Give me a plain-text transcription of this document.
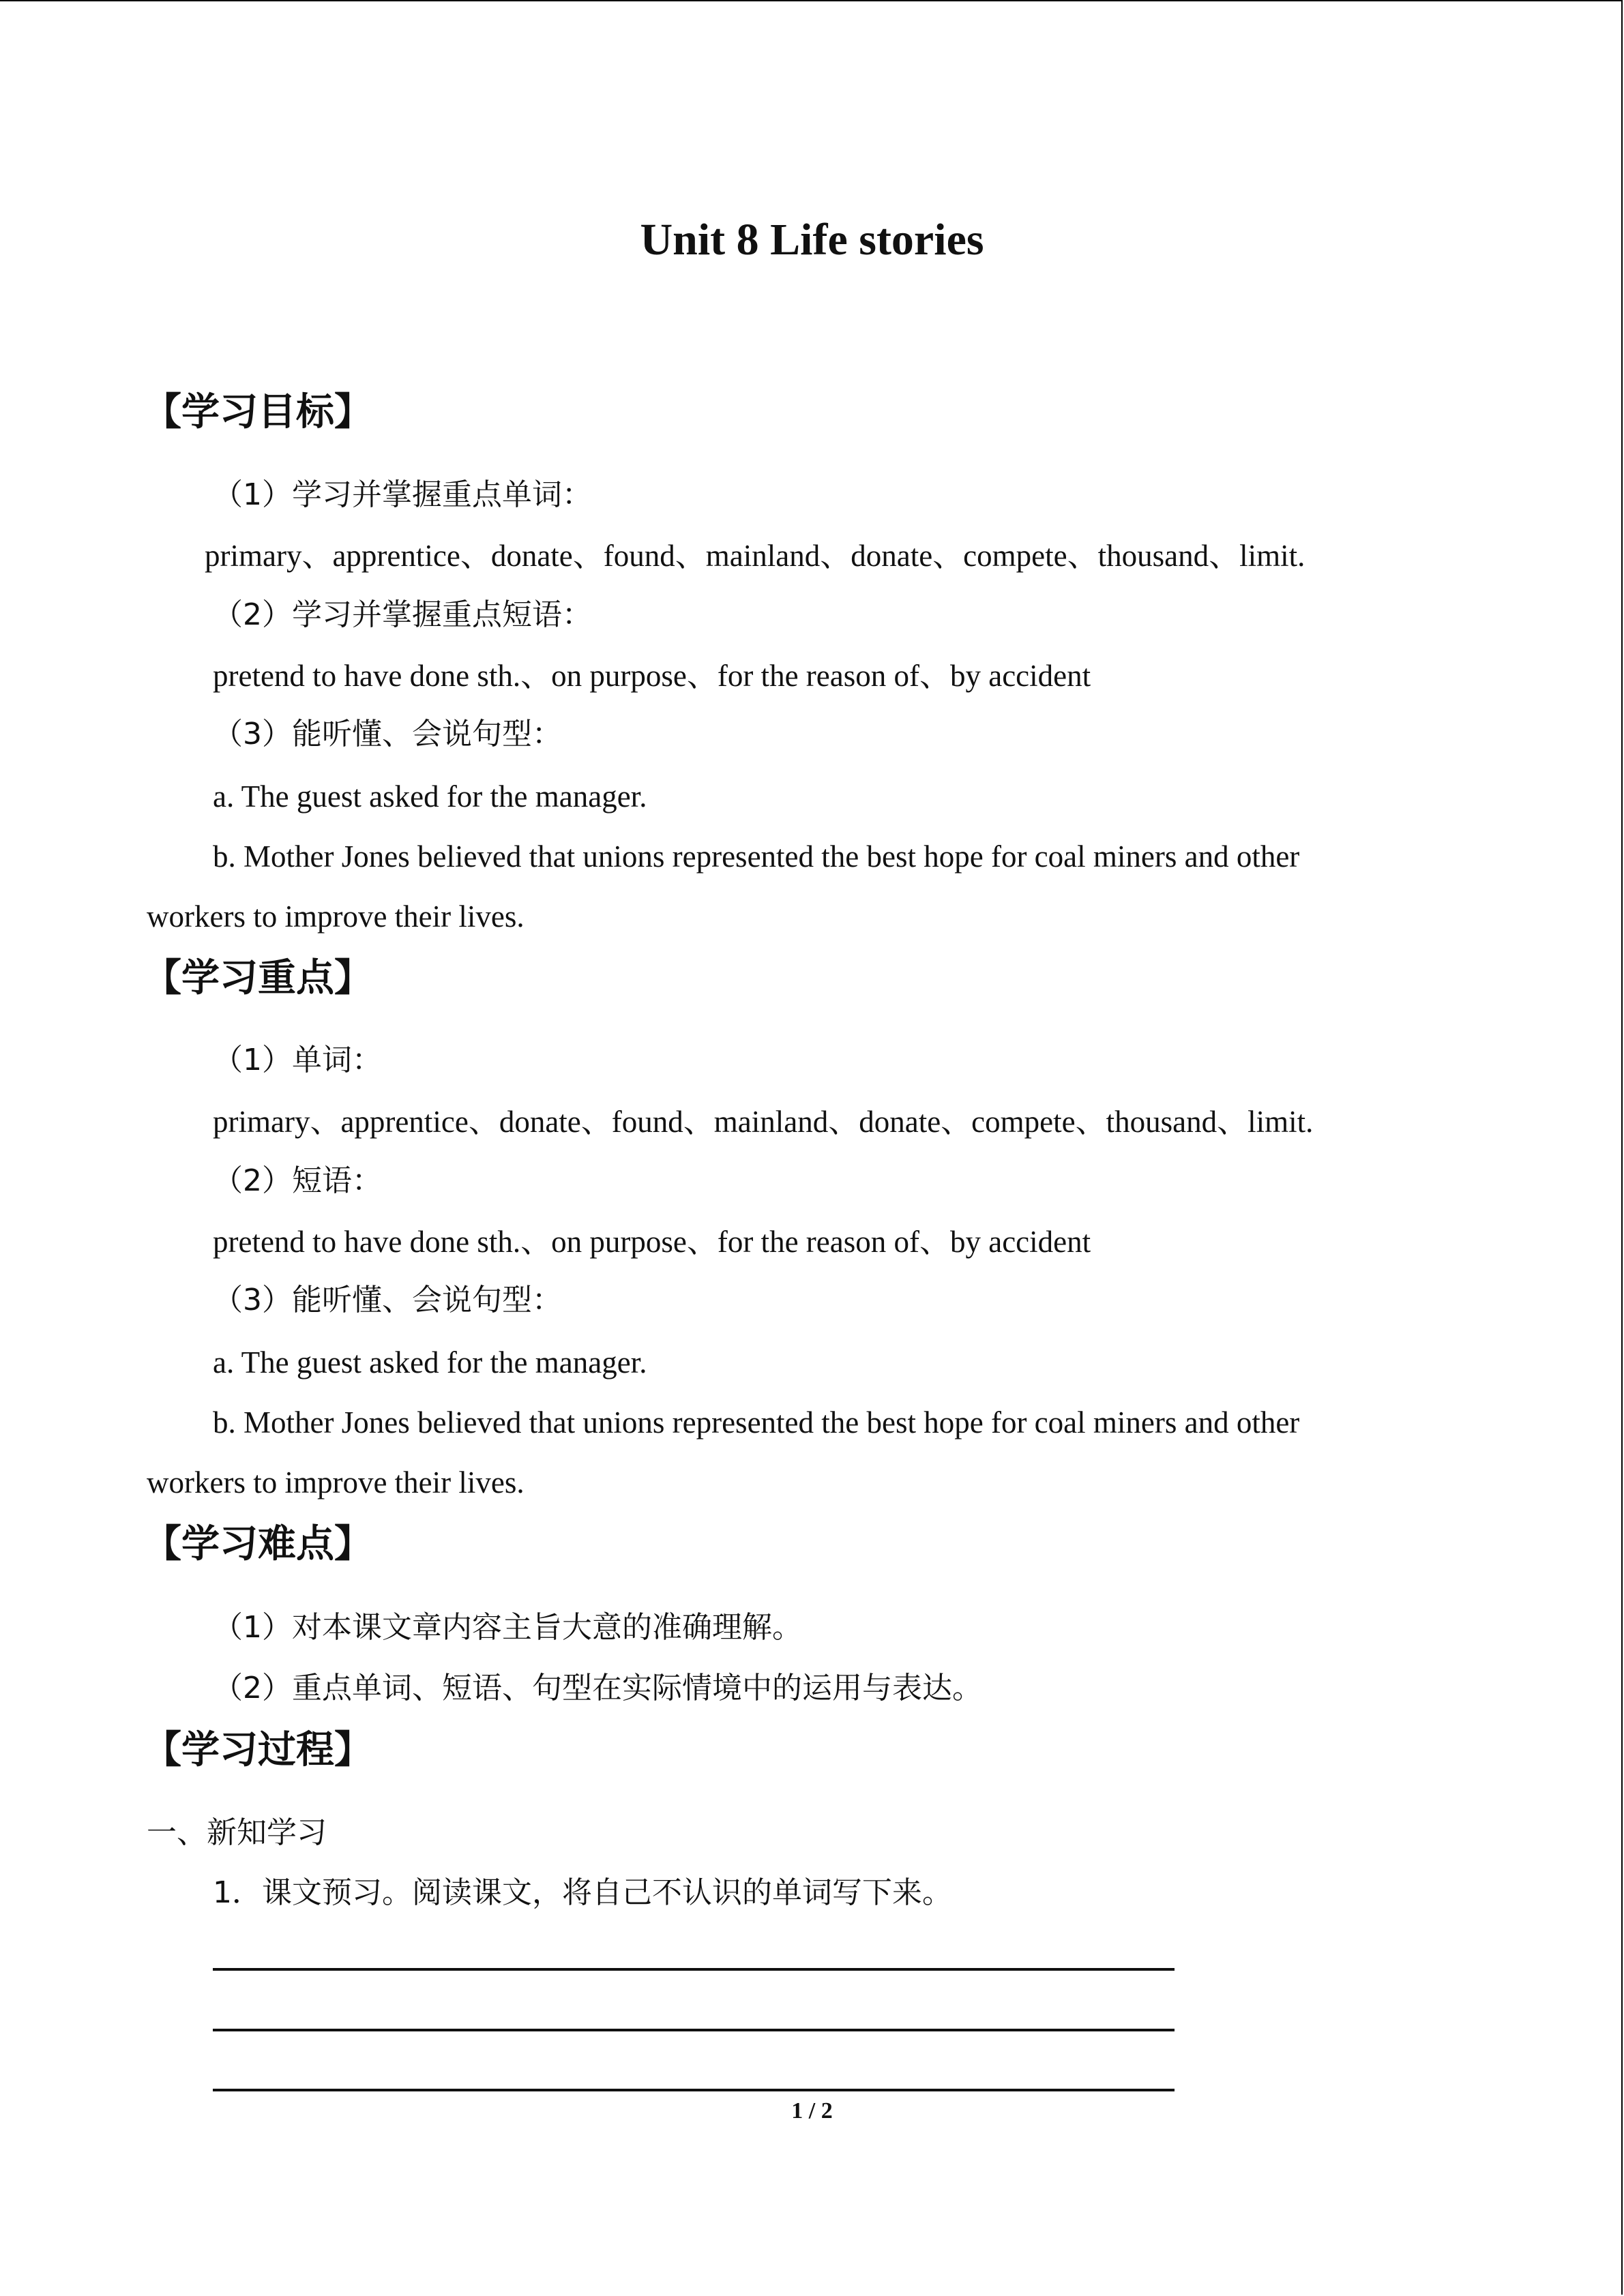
Unit 8 Life stories
【学习目标】
（1）学习并掌握重点单词：
primary、apprentice、donate、found、mainland、donate、compete、thousand、limit.
（2）学习并掌握重点短语：
pretend to have done sth.、on purpose、for the reason of、by accident
（3）能听懂、会说句型：
a. The guest asked for the manager.
b. Mother Jones believed that unions represented the best hope for coal miners and other
workers to improve their lives.
【学习重点】
（1）单词：
primary、apprentice、donate、found、mainland、donate、compete、thousand、limit.
（2）短语：
pretend to have done sth.、on purpose、for the reason of、by accident
（3）能听懂、会说句型：
a. The guest asked for the manager.
b. Mother Jones believed that unions represented the best hope for coal miners and other
workers to improve their lives.
【学习难点】
（1）对本课文章内容主旨大意的准确理解。
（2）重点单词、短语、句型在实际情境中的运用与表达。
【学习过程】
一、新知学习
1．课文预习。阅读课文，将自己不认识的单词写下来。
1 / 2
